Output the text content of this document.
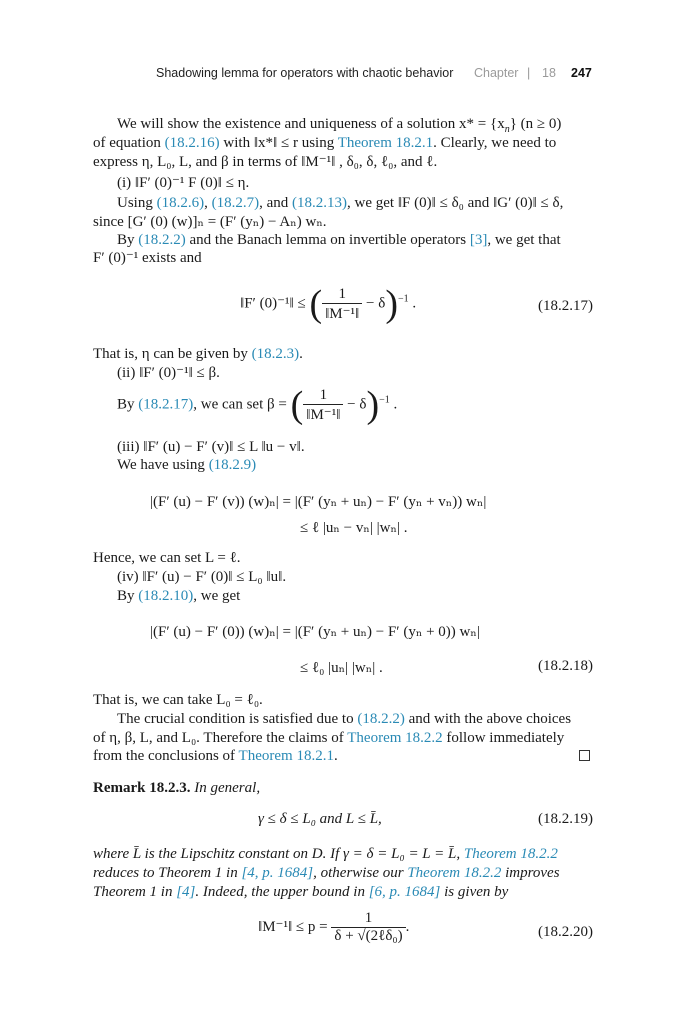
Shadowing lemma for operators with chaotic behavior Chapter | 18 247
We will show the existence and uniqueness of a solution $x* = \{x_n\} (n \ge 0)$
of equation (18.2.16) with ‖x*‖ ≤ r using Theorem 18.2.1. Clearly, we need to
express η, L₀, L, and β in terms of ‖M⁻¹‖ , δ₀, δ, ℓ₀, and ℓ.
(i) ‖F′ (0)⁻¹ F (0)‖ ≤ η.
Using (18.2.6), (18.2.7), and (18.2.13), we get ‖F (0)‖ ≤ δ₀ and ‖G′ (0)‖ ≤ δ,
since [G′ (0) (w)]ₙ = (F′ (yₙ) − Aₙ) wₙ.
By (18.2.2) and the Banach lemma on invertible operators [3], we get that
F′ (0)⁻¹ exists and
‖F′ (0)⁻¹‖ ≤ ( $\frac{1}{\text{‖M⁻¹‖}} - \delta)^{-1}$ .	(18.2.17)
That is, η can be given by (18.2.3).
(ii) ‖F′ (0)⁻¹‖ ≤ β.
By (18.2.17), we can set β = ( $\frac{1}{\text{‖M⁻¹‖}} - \delta)^{-1}$ .
(iii) ‖F′ (u) − F′ (v)‖ ≤ L ‖u − v‖.
We have using (18.2.9)
|(F′ (u) − F′ (v)) (w)ₙ| = |(F′ (yₙ + uₙ) − F′ (yₙ + vₙ)) wₙ|
≤ ℓ |uₙ − vₙ| |wₙ| .
Hence, we can set L = ℓ.
(iv) ‖F′ (u) − F′ (0)‖ ≤ L₀ ‖u‖.
By (18.2.10), we get
|(F′ (u) − F′ (0)) (w)ₙ| = |(F′ (yₙ + uₙ) − F′ (yₙ + 0)) wₙ|
≤ ℓ₀ |uₙ| |wₙ| .	(18.2.18)
That is, we can take L₀ = ℓ₀.
The crucial condition is satisfied due to (18.2.2) and with the above choices
of η, β, L, and L₀. Therefore the claims of Theorem 18.2.2 follow immediately
from the conclusions of Theorem 18.2.1.
Remark 18.2.3. In general,
γ ≤ δ ≤ L₀ and L ≤ L̄,	(18.2.19)
where L̄ is the Lipschitz constant on D. If γ = δ = L₀ = L = L̄, Theorem 18.2.2
reduces to Theorem 1 in [4, p. 1684], otherwise our Theorem 18.2.2 improves
Theorem 1 in [4]. Indeed, the upper bound in [6, p. 1684] is given by
‖M⁻¹‖ ≤ $p = \frac{1}{\text{δ + √(2ℓδ₀)}}$ .	(18.2.20)
